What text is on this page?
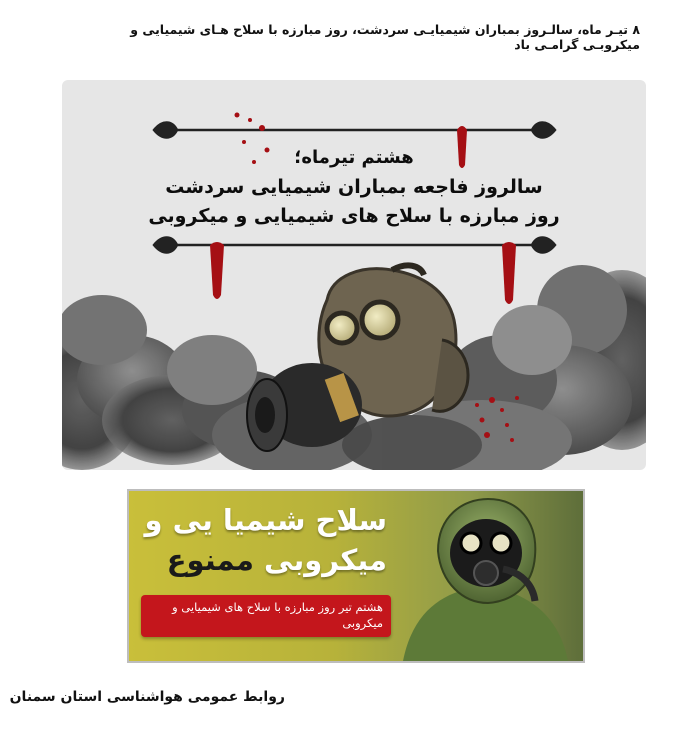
۸ تیـر ماه، سالـروز بمباران شیمیایـی سردشت، روز مبارزه با سلاح هـای شیمیایی و میکروبـی گرامـی باد
هشتم تیرماه؛
سالروز فاجعه بمباران شیمیایی سردشت
روز مبارزه با سلاح های شیمیایی و میکروبی
سلاح شیمیا یی و
میکروبی ممنوع
هشتم تیر روز مبارزه با سلاح های شیمیایی و میکروبی
روابط عمومی هواشناسی استان سمنان
